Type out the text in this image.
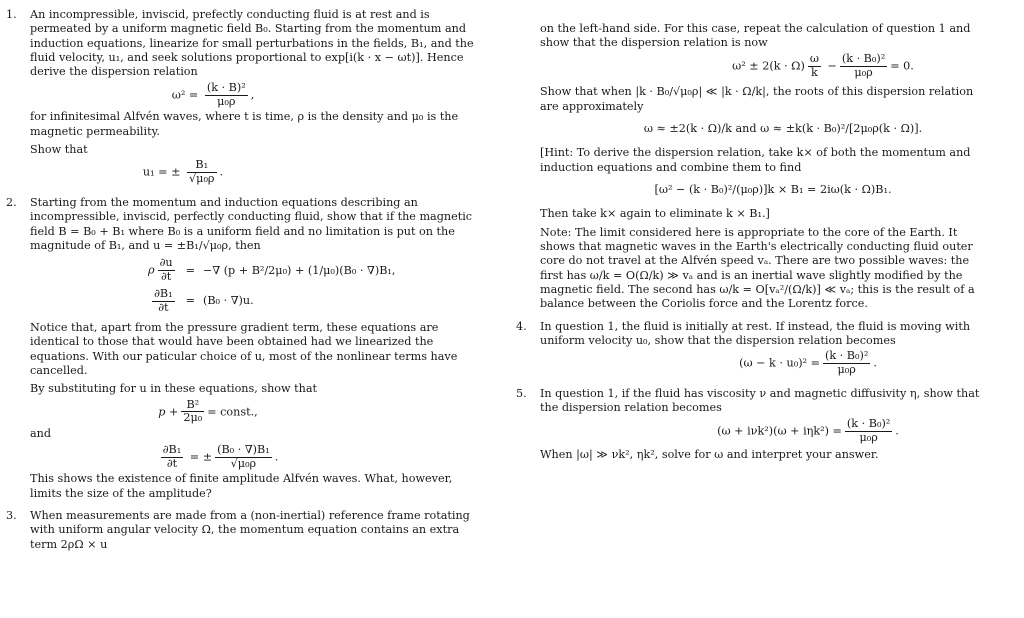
1. An incompressible, inviscid, prefectly conducting fluid is at rest and is permeated by a uniform magnetic field B₀. Starting from the momentum and induction equations, linearize for small perturbations in the fields, B₁, and the fluid velocity, u₁, and seek solutions proportional to exp[i(k · x − ωt)]. Hence derive the dispersion relation

$\omega^2 = \frac{\text{(k · B)²}}{\text{μ₀ρ}}$ ,

for infinitesimal Alfvén waves, where t is time, ρ is the density and μ₀ is the magnetic permeability.

Show that

u₁ = ± $\frac{\text{B₁}}{\text{√μ₀ρ}}$ .
2. Starting from the momentum and induction equations describing an incompressible, inviscid, perfectly conducting fluid, show that if the magnetic field B = B₀ + B₁ where B₀ is a uniform field and no limitation is put on the magnitude of B₁, and u = ±B₁/√μ₀ρ, then

ρ $\frac{\partial u}{\partial t}$	=	−∇ (p + B²/2μ₀) + (1/μ₀)(B₀ · ∇)B₁,

$\frac{\text{∂B₁}}{\partial t}$	=	(B₀ · ∇)u.

Notice that, apart from the pressure gradient term, these equations are identical to those that would have been obtained had we linearized the equations. With our paticular choice of u, most of the nonlinear terms have cancelled.

By substituting for u in these equations, show that

$p + \frac{\text{B²}}{\text{2μ₀}}$ = const.,

and

$\frac{\text{∂B₁}}{\partial t}$ = ± $\frac{\text{(B₀ · ∇)B₁}}{\text{√μ₀ρ}}$ .

This shows the existence of finite amplitude Alfvén waves. What, however, limits the size of the amplitude?

3. When measurements are made from a (non-inertial) reference frame rotating with uniform angular velocity Ω, the momentum equation contains an extra term 2ρΩ × u

on the left-hand side. For this case, repeat the calculation of question 1 and show that the dispersion relation is now

$\omega^2 \pm 2(k \cdot \Omega) \frac{\omega}{k} - \frac{\text{(k · B₀)²}}{\text{μ₀ρ}} = 0$.

Show that when |k · B₀/√μ₀ρ| ≪ |k · Ω/k|, the roots of this dispersion relation are approximately

ω ≈ ±2(k · Ω)/k and ω ≈ ±k(k · B₀)²/[2μ₀ρ(k · Ω)].

[Hint: To derive the dispersion relation, take k× of both the momentum and induction equations and combine them to find

[ω² − (k · B₀)²/(μ₀ρ)]k × B₁ = 2iω(k · Ω)B₁.

Then take k× again to eliminate k × B₁.]

Note: The limit considered here is appropriate to the core of the Earth. It shows that magnetic waves in the Earth's electrically conducting fluid outer core do not travel at the Alfvén speed vₐ. There are two possible waves: the first has ω/k = O(Ω/k) ≫ vₐ and is an inertial wave slightly modified by the magnetic field. The second has ω/k = O[vₐ²/(Ω/k)] ≪ vₐ; this is the result of a balance between the Coriolis force and the Lorentz force.

4. In question 1, the fluid is initially at rest. If instead, the fluid is moving with uniform velocity u₀, show that the dispersion relation becomes

$(\omega - k \cdot u_0)^2 = \frac{\text{(k · B₀)²}}{\text{μ₀ρ}}$ .
5. In question 1, if the fluid has viscosity ν and magnetic diffusivity η, show that the dispersion relation becomes

$(\omega + i\nu k^2)(\omega + i\eta k^2) = \frac{\text{(k · B₀)²}}{\text{μ₀ρ}}$ .

When |ω| ≫ νk², ηk², solve for ω and interpret your answer.
